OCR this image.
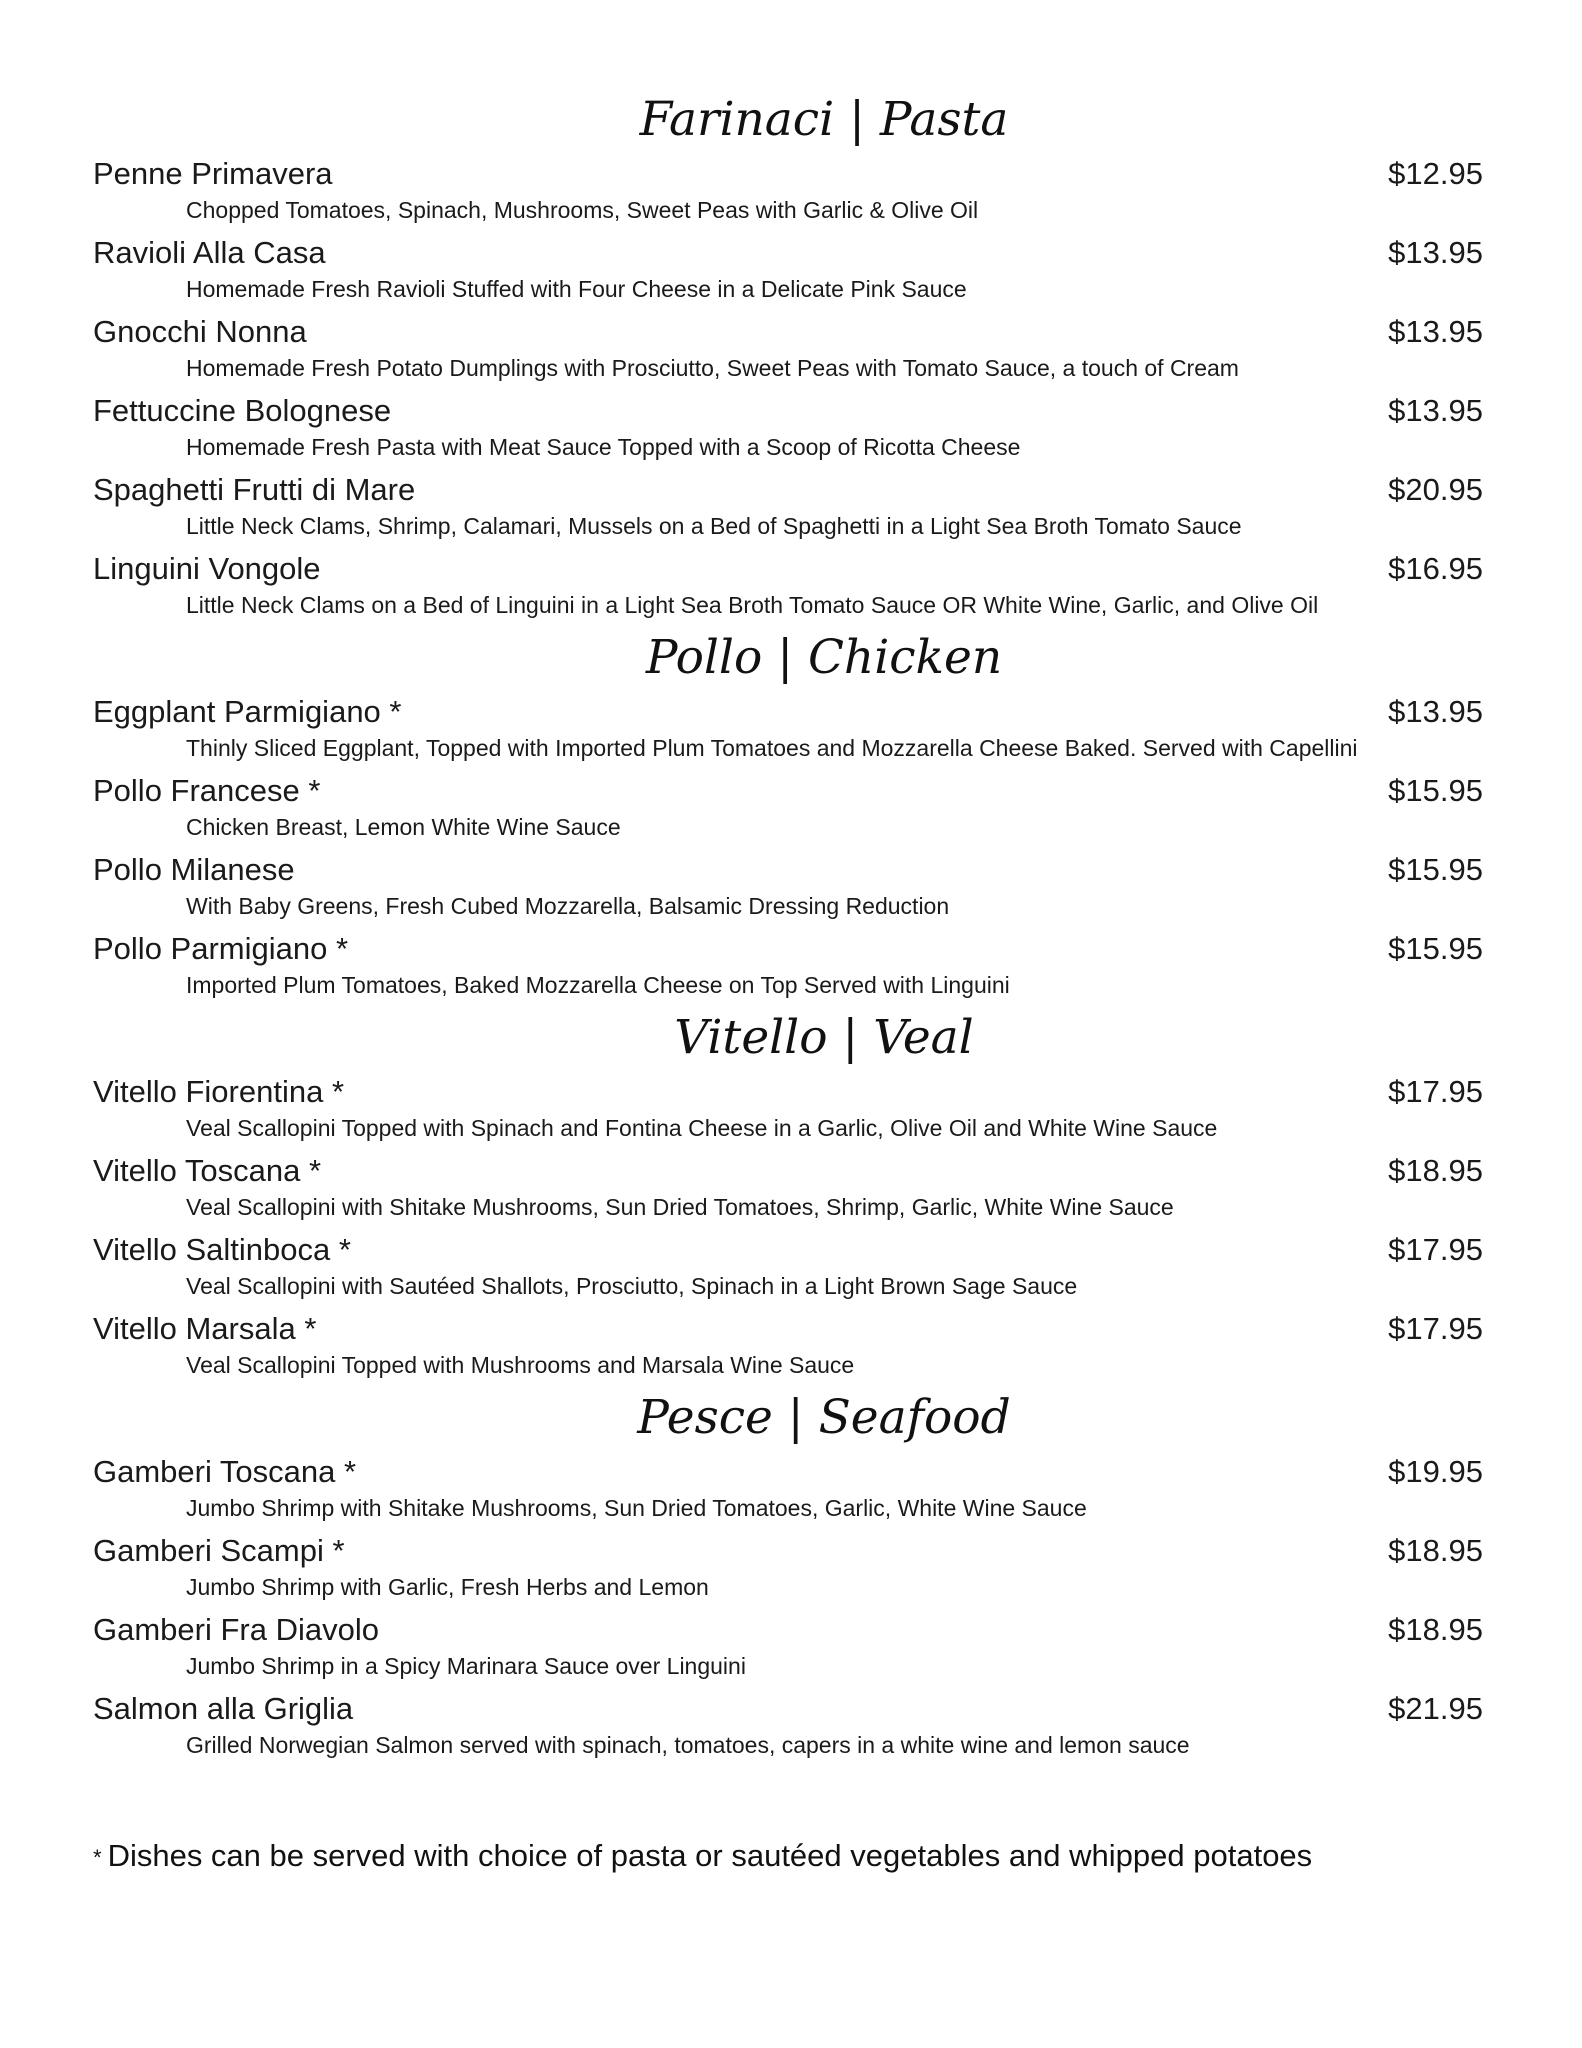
Farinaci | Pasta
Penne Primavera	$12.95
Chopped Tomatoes, Spinach, Mushrooms, Sweet Peas with Garlic & Olive Oil
Ravioli Alla Casa	$13.95
Homemade Fresh Ravioli Stuffed with Four Cheese in a Delicate Pink Sauce
Gnocchi Nonna	$13.95
Homemade Fresh Potato Dumplings with Prosciutto, Sweet Peas with Tomato Sauce, a touch of Cream
Fettuccine Bolognese	$13.95
Homemade Fresh Pasta with Meat Sauce Topped with a Scoop of Ricotta Cheese
Spaghetti Frutti di Mare	$20.95
Little Neck Clams, Shrimp, Calamari, Mussels on a Bed of Spaghetti in a Light Sea Broth Tomato Sauce
Linguini Vongole	$16.95
Little Neck Clams on a Bed of Linguini in a Light Sea Broth Tomato Sauce OR White Wine, Garlic, and Olive Oil
Pollo | Chicken
Eggplant Parmigiano *	$13.95
Thinly Sliced Eggplant, Topped with Imported Plum Tomatoes and Mozzarella Cheese Baked. Served with Capellini
Pollo Francese *	$15.95
Chicken Breast, Lemon White Wine Sauce
Pollo Milanese	$15.95
With Baby Greens, Fresh Cubed Mozzarella, Balsamic Dressing Reduction
Pollo Parmigiano *	$15.95
Imported Plum Tomatoes, Baked Mozzarella Cheese on Top Served with Linguini
Vitello | Veal
Vitello Fiorentina *	$17.95
Veal Scallopini Topped with Spinach and Fontina Cheese in a Garlic, Olive Oil and White Wine Sauce
Vitello Toscana *	$18.95
Veal Scallopini with Shitake Mushrooms, Sun Dried Tomatoes, Shrimp, Garlic, White Wine Sauce
Vitello Saltinboca *	$17.95
Veal Scallopini with Sautéed Shallots, Prosciutto, Spinach in a Light Brown Sage Sauce
Vitello Marsala *	$17.95
Veal Scallopini Topped with Mushrooms and Marsala Wine Sauce
Pesce | Seafood
Gamberi Toscana *	$19.95
Jumbo Shrimp with Shitake Mushrooms, Sun Dried Tomatoes, Garlic, White Wine Sauce
Gamberi Scampi *	$18.95
Jumbo Shrimp with Garlic, Fresh Herbs and Lemon
Gamberi Fra Diavolo	$18.95
Jumbo Shrimp in a Spicy Marinara Sauce over Linguini
Salmon alla Griglia	$21.95
Grilled Norwegian Salmon served with spinach, tomatoes, capers in a white wine and lemon sauce
* Dishes can be served with choice of pasta or sautéed vegetables and whipped potatoes
